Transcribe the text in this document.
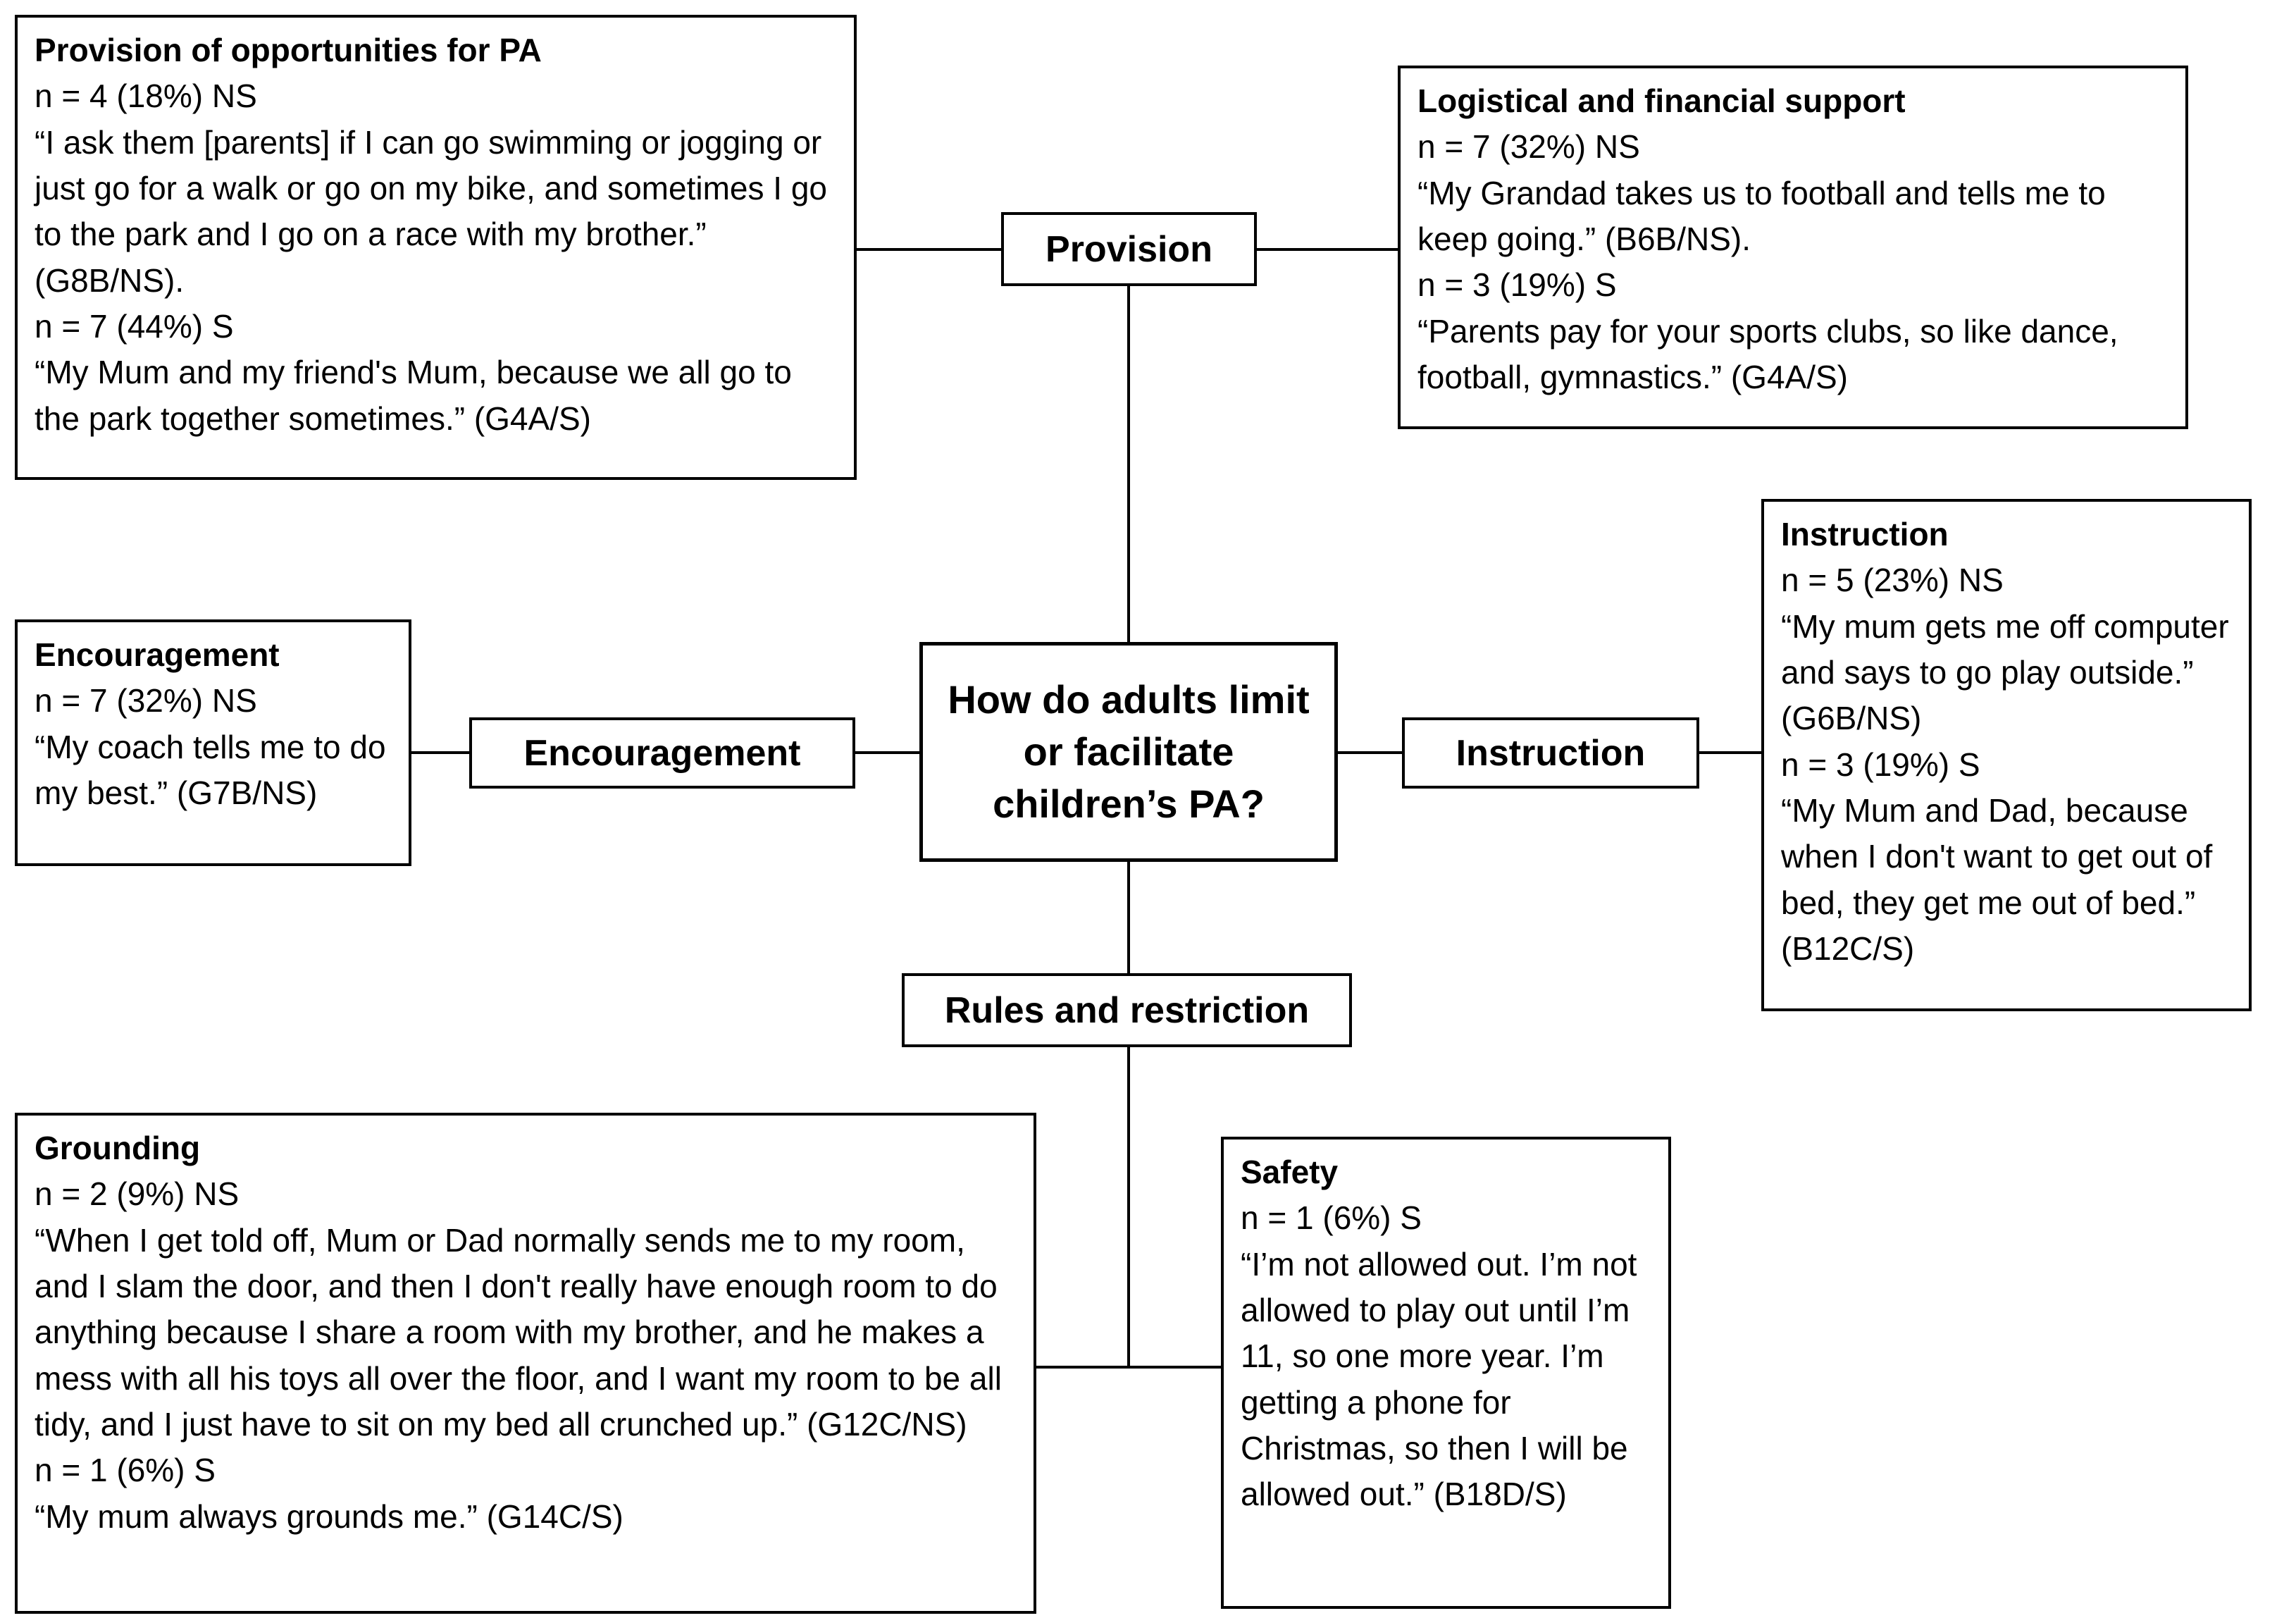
How do adults limit or facilitate children’s PA?
Provision
Encouragement	Instruction
Rules and restriction
Provision of opportunities for PA
n = 4 (18%) NS
“I ask them [parents] if I can go swimming or jogging or just go for a walk or go on my bike, and sometimes I go to the park and I go on a race with my brother.” (G8B/NS).
n = 7 (44%) S
“My Mum and my friend's Mum, because we all go to the park together sometimes.” (G4A/S)
Logistical and financial support
n = 7 (32%) NS
“My Grandad takes us to football and tells me to keep going.” (B6B/NS).
n = 3 (19%) S
“Parents pay for your sports clubs, so like dance, football, gymnastics.” (G4A/S)
Encouragement
n = 7 (32%) NS
“My coach tells me to do my best.” (G7B/NS)
Instruction
n = 5 (23%) NS
“My mum gets me off computer and says to go play outside.” (G6B/NS)
n = 3 (19%) S
“My Mum and Dad, because when I don't want to get out of bed, they get me out of bed.” (B12C/S)
Grounding
n = 2 (9%) NS
“When I get told off, Mum or Dad normally sends me to my room, and I slam the door, and then I don't really have enough room to do anything because I share a room with my brother, and he makes a mess with all his toys all over the floor, and I want my room to be all tidy, and I just have to sit on my bed all crunched up.” (G12C/NS)
n = 1 (6%) S
“My mum always grounds me.” (G14C/S)
Safety
n = 1 (6%) S
“I’m not allowed out. I’m not allowed to play out until I’m 11, so one more year. I’m getting a phone for Christmas, so then I will be allowed out.” (B18D/S)
